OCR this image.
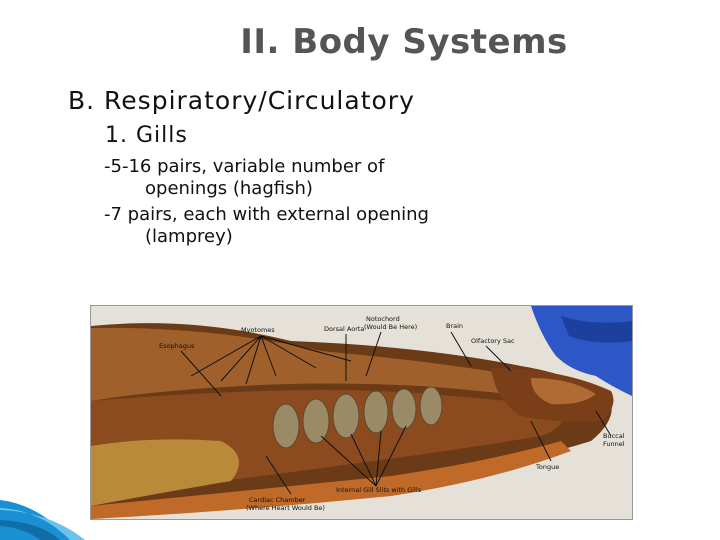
II. Body Systems
B. Respiratory/Circulatory
1. Gills
-5-16 pairs, variable number of openings (hagfish)
-7 pairs, each with external opening (lamprey)
Myotomes	Dorsal Aorta
Notochord
(Would Be Here)	Brain
Olfactory Sac
Esophagus
Buccal
Funnel
Tongue
Internal Gill Slits with Gills
Cardiac Chamber
(Where Heart Would Be)
